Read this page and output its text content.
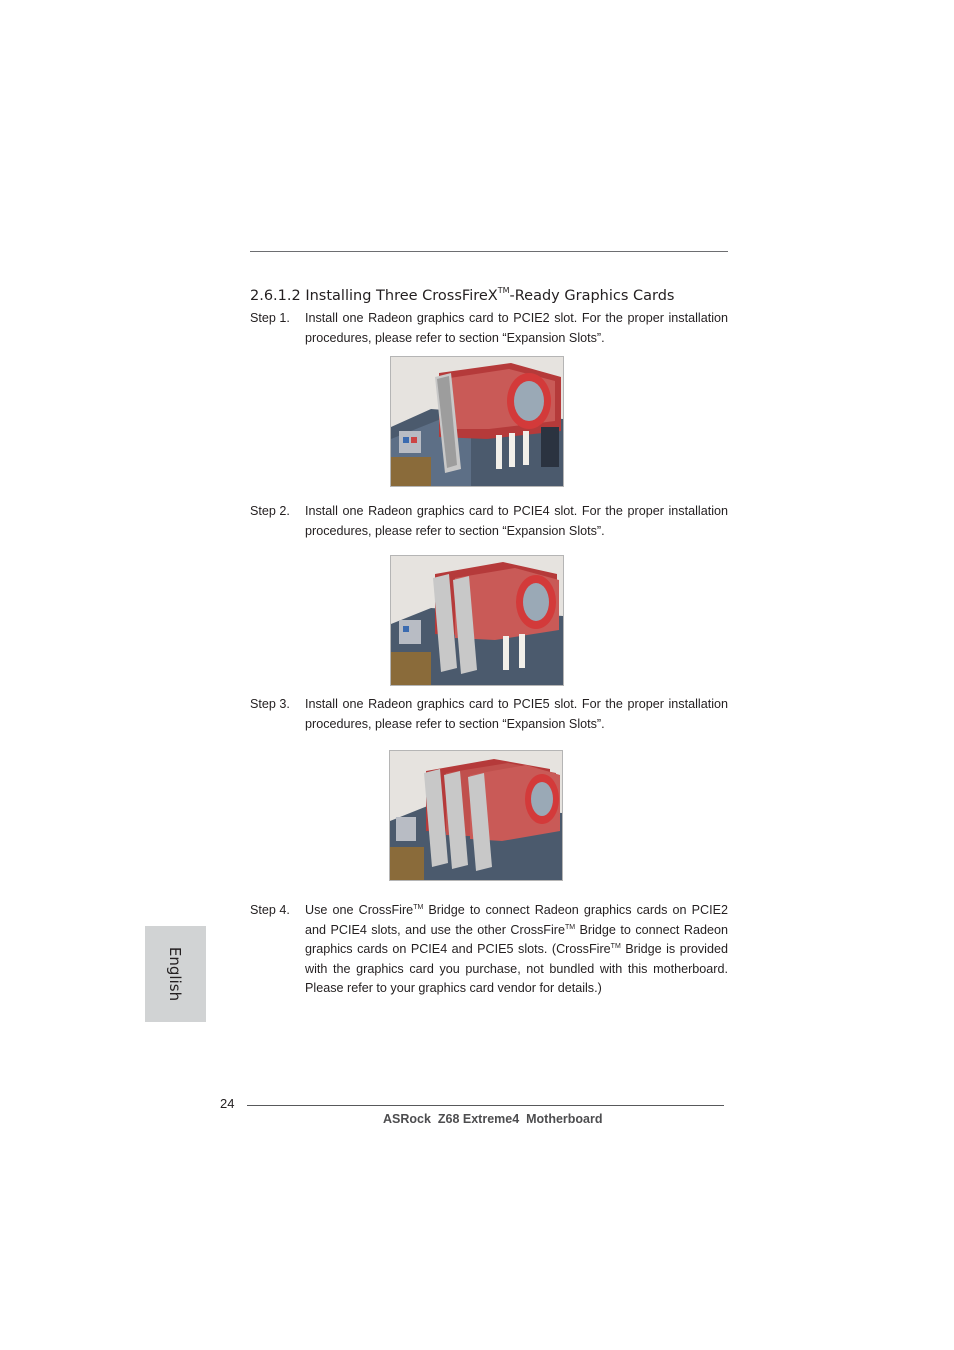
2.6.1.2 Installing Three CrossFireX™-Ready Graphics Cards
Step 1. Install one Radeon graphics card to PCIE2 slot. For the proper installation procedures, please refer to section “Expansion Slots”.
Step 2. Install one Radeon graphics card to PCIE4 slot. For the proper installation procedures, please refer to section “Expansion Slots”.
Step 3. Install one Radeon graphics card to PCIE5 slot. For the proper installation procedures, please refer to section “Expansion Slots”.
Step 4. Use one CrossFire™ Bridge to connect Radeon graphics cards on PCIE2 and PCIE4 slots, and use the other CrossFire™ Bridge to connect Radeon graphics cards on PCIE4 and PCIE5 slots. (CrossFire™ Bridge is provided with the graphics card you purchase, not bundled with this motherboard. Please refer to your graphics card vendor for details.)
English
24
ASRock  Z68 Extreme4  Motherboard
